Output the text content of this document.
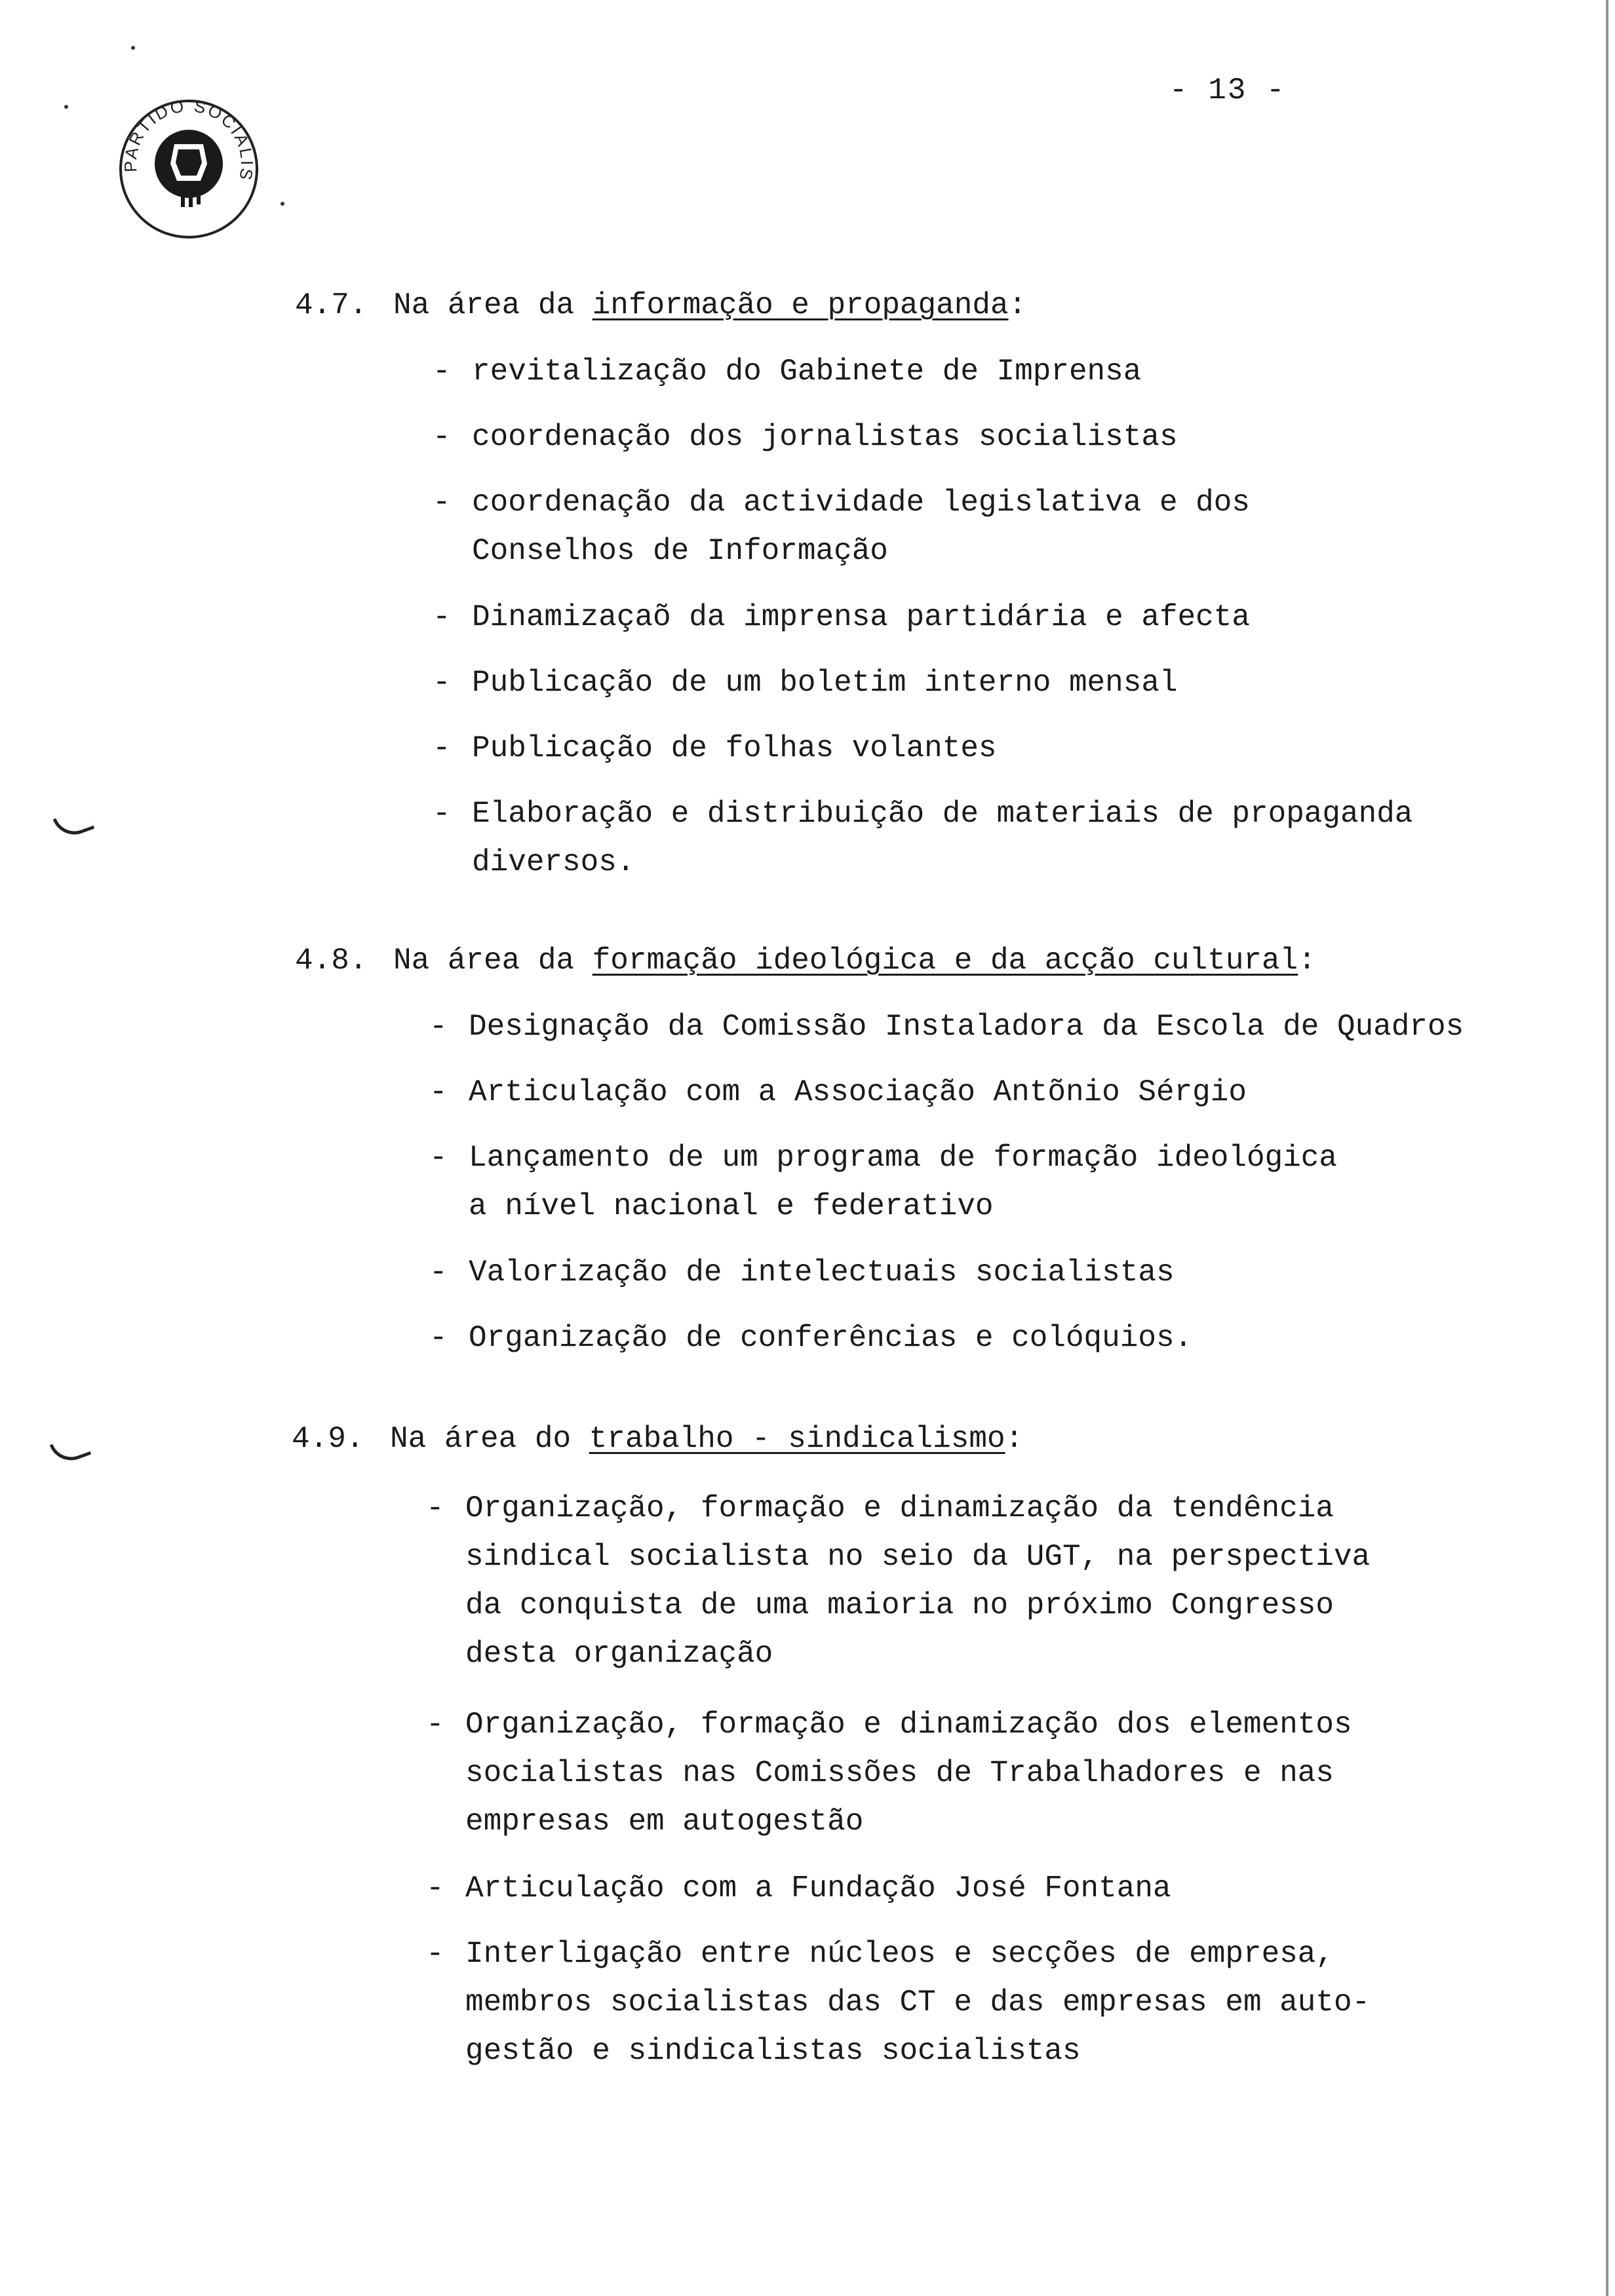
PARTIDO SOCIALIS
- 13 -
4.7. Na área da informação e propaganda:
- revitalização do Gabinete de Imprensa
- coordenação dos jornalistas socialistas
- coordenação da actividade legislativa e dos
Conselhos de Informação
- Dinamizaçaõ da imprensa partidária e afecta
- Publicação de um boletim interno mensal
- Publicação de folhas volantes
- Elaboração e distribuição de materiais de propaganda
diversos.
4.8. Na área da formação ideológica e da acção cultural:
- Designação da Comissão Instaladora da Escola de Quadros
- Articulação com a Associação Antõnio Sérgio
- Lançamento de um programa de formação ideológica
a nível nacional e federativo
- Valorização de intelectuais socialistas
- Organização de conferências e colóquios.
4.9. Na área do trabalho - sindicalismo:
- Organização, formação e dinamização da tendência
sindical socialista no seio da UGT, na perspectiva
da conquista de uma maioria no próximo Congresso
desta organização
- Organização, formação e dinamização dos elementos
socialistas nas Comissões de Trabalhadores e nas
empresas em autogestão
- Articulação com a Fundação José Fontana
- Interligação entre núcleos e secções de empresa,
membros socialistas das CT e das empresas em auto-
gestão e sindicalistas socialistas
